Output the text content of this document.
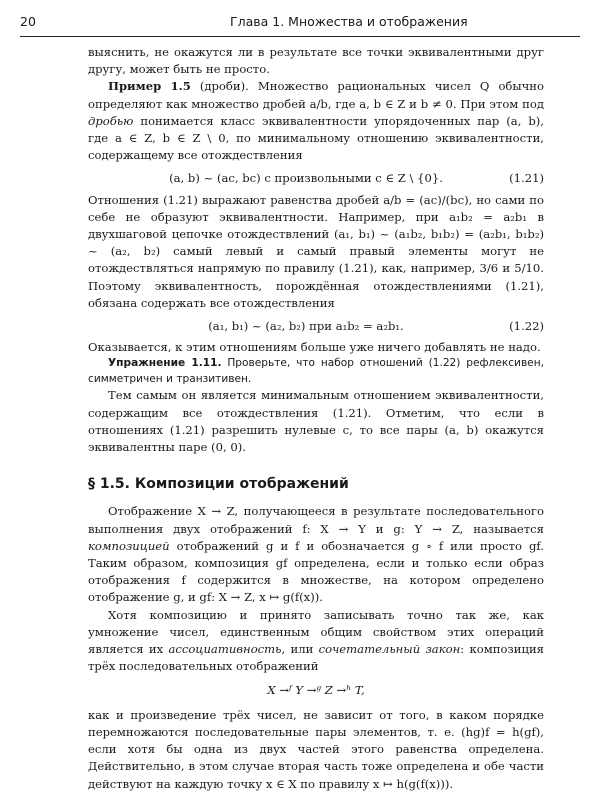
20	Глава 1. Множества и отображения

выяснить, не окажутся ли в результате все точки эквивалентными друг другу, может быть не просто.

Пример 1.5 (дроби). Множество рациональных чисел Q обычно определяют как множество дробей a/b, где a, b ∈ Z и b ≠ 0. При этом под дробью понимается класс эквивалентности упорядоченных пар (a, b), где a ∈ Z, b ∈ Z \ 0, по минимальному отношению эквивалентности, содержащему все отождествления

(a, b) ~ (ac, bc) с произвольными c ∈ Z \ {0}.	(1.21)

Отношения (1.21) выражают равенства дробей a/b = (ac)/(bc), но сами по себе не образуют эквивалентности. Например, при a₁b₂ = a₂b₁ в двухшаговой цепочке отождествлений (a₁, b₁) ~ (a₁b₂, b₁b₂) = (a₂b₁, b₁b₂) ~ (a₂, b₂) самый левый и самый правый элементы могут не отождествляться напрямую по правилу (1.21), как, например, 3/6 и 5/10. Поэтому эквивалентность, порождённая отождествлениями (1.21), обязана содержать все отождествления

(a₁, b₁) ~ (a₂, b₂) при a₁b₂ = a₂b₁.	(1.22)

Оказывается, к этим отношениям больше уже ничего добавлять не надо.

Упражнение 1.11. Проверьте, что набор отношений (1.22) рефлексивен, симметричен и транзитивен.

Тем самым он является минимальным отношением эквивалентности, содержащим все отождествления (1.21). Отметим, что если в отношениях (1.21) разрешить нулевые c, то все пары (a, b) окажутся эквивалентны паре (0, 0).

§ 1.5. Композиции отображений

Отображение X → Z, получающееся в результате последовательного выполнения двух отображений f: X → Y и g: Y → Z, называется композицией отображений g и f и обозначается g ∘ f или просто gf. Таким образом, композиция gf определена, если и только если образ отображения f содержится в множестве, на котором определено отображение g, и gf: X → Z, x ↦ g(f(x)).

Хотя композицию и принято записывать точно так же, как умножение чисел, единственным общим свойством этих операций является их ассоциативность, или сочетательный закон: композиция трёх последовательных отображений

X →ᶠ Y →ᵍ Z →ʰ T,

как и произведение трёх чисел, не зависит от того, в каком порядке перемножаются последовательные пары элементов, т. е. (hg)f = h(gf), если хотя бы одна из двух частей этого равенства определена. Действительно, в этом случае вторая часть тоже определена и обе части действуют на каждую точку x ∈ X по правилу x ↦ h(g(f(x))).
